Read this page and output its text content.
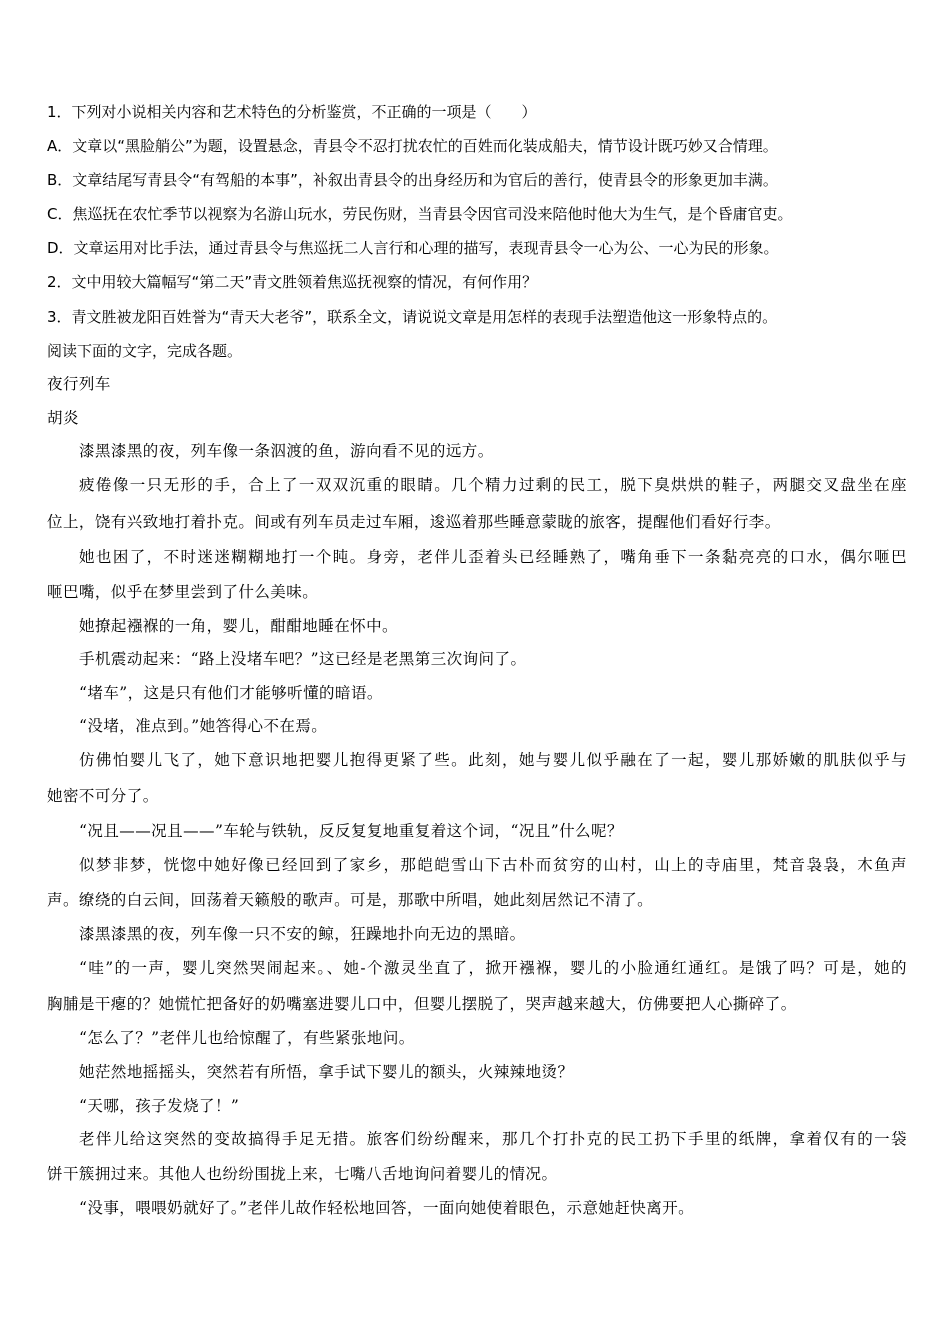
1．下列对小说相关内容和艺术特色的分析鉴赏，不正确的一项是（　　）
A．文章以“黑脸艄公”为题，设置悬念，青县令不忍打扰农忙的百姓而化装成船夫，情节设计既巧妙又合情理。
B．文章结尾写青县令“有驾船的本事”，补叙出青县令的出身经历和为官后的善行，使青县令的形象更加丰满。
C．焦巡抚在农忙季节以视察为名游山玩水，劳民伤财，当青县令因官司没来陪他时他大为生气，是个昏庸官吏。
D．文章运用对比手法，通过青县令与焦巡抚二人言行和心理的描写，表现青县令一心为公、一心为民的形象。
2．文中用较大篇幅写“第二天”青文胜领着焦巡抚视察的情况，有何作用？
3．青文胜被龙阳百姓誉为“青天大老爷”，联系全文，请说说文章是用怎样的表现手法塑造他这一形象特点的。
阅读下面的文字，完成各题。
夜行列车
胡炎
漆黑漆黑的夜，列车像一条泅渡的鱼，游向看不见的远方。
疲倦像一只无形的手，合上了一双双沉重的眼睛。几个精力过剩的民工，脱下臭烘烘的鞋子，两腿交叉盘坐在座
位上，饶有兴致地打着扑克。间或有列车员走过车厢，逡巡着那些睡意蒙眬的旅客，提醒他们看好行李。
她也困了，不时迷迷糊糊地打一个盹。身旁，老伴儿歪着头已经睡熟了，嘴角垂下一条黏亮亮的口水，偶尔咂巴
咂巴嘴，似乎在梦里尝到了什么美味。
她撩起襁褓的一角，婴儿，酣酣地睡在怀中。
手机震动起来：“路上没堵车吧？”这已经是老黑第三次询问了。
“堵车”，这是只有他们才能够听懂的暗语。
“没堵，准点到。”她答得心不在焉。
仿佛怕婴儿飞了，她下意识地把婴儿抱得更紧了些。此刻，她与婴儿似乎融在了一起，婴儿那娇嫩的肌肤似乎与
她密不可分了。
“况且——况且——”车轮与铁轨，反反复复地重复着这个词，“况且”什么呢？
似梦非梦，恍惚中她好像已经回到了家乡，那皑皑雪山下古朴而贫穷的山村，山上的寺庙里，梵音袅袅，木鱼声
声。缭绕的白云间，回荡着天籁般的歌声。可是，那歌中所唱，她此刻居然记不清了。
漆黑漆黑的夜，列车像一只不安的鲸，狂躁地扑向无边的黑暗。
“哇”的一声，婴儿突然哭闹起来。、她-个激灵坐直了，掀开襁褓，婴儿的小脸通红通红。是饿了吗？可是，她的
胸脯是干瘪的？她慌忙把备好的奶嘴塞进婴儿口中，但婴儿摆脱了，哭声越来越大，仿佛要把人心撕碎了。
“怎么了？”老伴儿也给惊醒了，有些紧张地问。
她茫然地摇摇头，突然若有所悟，拿手试下婴儿的额头，火辣辣地烫？
“天哪，孩子发烧了！”
老伴儿给这突然的变故搞得手足无措。旅客们纷纷醒来，那几个打扑克的民工扔下手里的纸牌，拿着仅有的一袋
饼干簇拥过来。其他人也纷纷围拢上来，七嘴八舌地询问着婴儿的情况。
“没事，喂喂奶就好了。”老伴儿故作轻松地回答，一面向她使着眼色，示意她赶快离开。
